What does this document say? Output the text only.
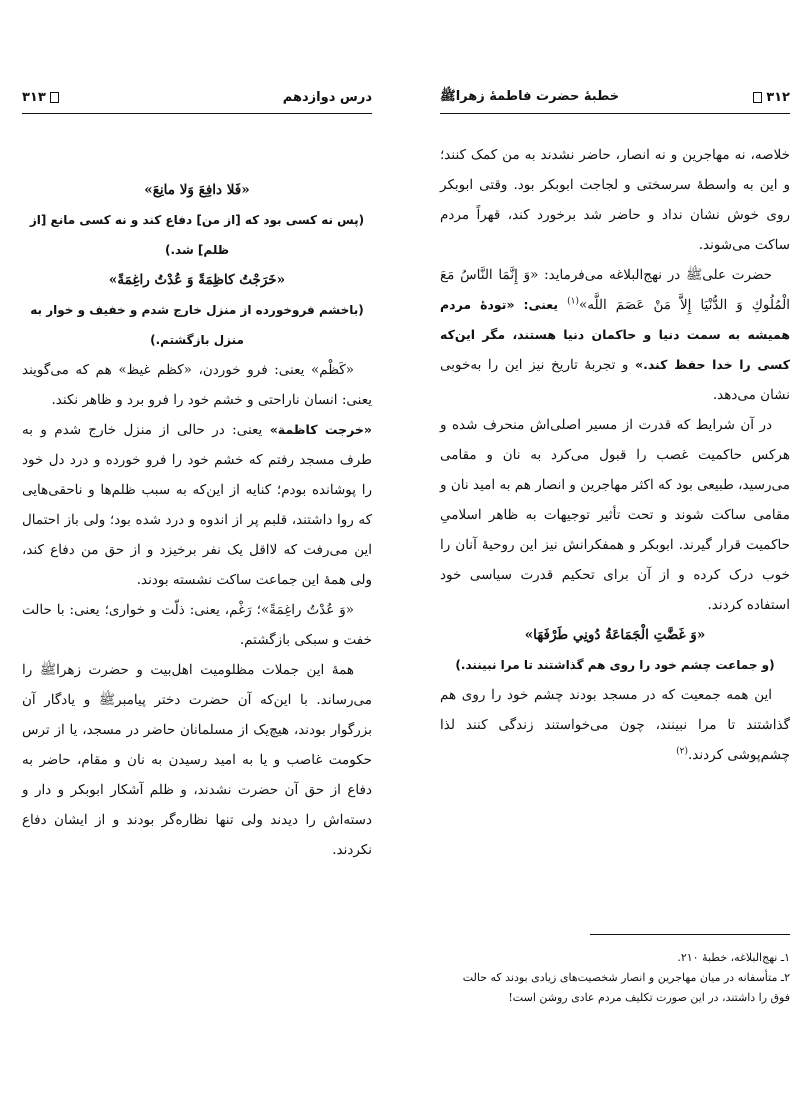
۳۱۲
خطبهٔ حضرت فاطمهٔ زهراﷺ

خلاصه، نه مهاجرین و نه انصار، حاضر نشدند به من کمک کنند؛ و این به واسطهٔ سرسختی و لجاجت ابوبکر بود. وقتی ابوبکر روی خوش نشان نداد و حاضر شد برخورد کند، قهراً مردم ساکت می‌شوند.

حضرت علیﷺ در نهج‌البلاغه می‌فرماید: «وَ إِنَّمَا النَّاسُ مَعَ الْمُلُوكِ وَ الدُّنْيَا إِلاَّ مَنْ عَصَمَ اللَّه»$^{(۱)}$ یعنی: «تودهٔ مردم همیشه به سمت دنیا و حاکمان دنیا هستند، مگر این‌که کسی را خدا حفظ کند.» و تجربهٔ تاریخ نیز این را به‌خوبی نشان می‌دهد.

در آن شرایط که قدرت از مسیر اصلی‌اش منحرف شده و هرکس حاکمیت غصب را قبول می‌کرد به نان و مقامی می‌رسید، طبیعی بود که اکثر مهاجرین و انصار هم به امید نان و مقامی ساکت شوند و تحت تأثیر توجیهات به ظاهر اسلامیِ حاکمیت قرار گیرند. ابوبکر و همفکرانش نیز این روحیهٔ آنان را خوب درک کرده و از آن برای تحکیم قدرت سیاسی خود استفاده کردند.

«وَ غَضَّتِ الْجَمَاعَةُ دُونِي طَرْفَهَا»

(و جماعت چشم خود را روی هم گذاشتند تا مرا نبینند.)

این همه جمعیت که در مسجد بودند چشم خود را روی هم گذاشتند تا مرا نبینند، چون می‌خواستند زندگی کنند لذا چشم‌پوشی کردند.$^{(۲)}$

۱ـ نهج‌البلاغه، خطبهٔ ۲۱۰.

۲ـ متأسفانه در میان مهاجرین و انصار شخصیت‌های زیادی بودند که حالت فوق را داشتند، در این صورت تکلیف مردم عادی روشن است!

درس دوازدهم
۳۱۳

«فَلا دافِعَ وَلا مانِعَ»

(پس نه کسی بود که [از من] دفاع کند و نه کسی مانع [از ظلم] شد.)

«خَرَجْتُ كاظِمَةً وَ عُدْتُ راغِمَةً»

(باخشم فروخورده از منزل خارج شدم و خفیف و خوار به منزل بازگشتم.)

«کَظْم» یعنی: فرو خوردن، «کظم غیظ» هم که می‌گویند یعنی: انسان ناراحتی و خشم خود را فرو برد و ظاهر نکند.

«خرجت کاظمة» یعنی: در حالی از منزل خارج شدم و به طرف مسجد رفتم که خشم خود را فرو خورده و درد دل خود را پوشانده بودم؛ کنایه از این‌که به سبب ظلم‌ها و ناحقی‌هایی که روا داشتند، قلبم پر از اندوه و درد شده بود؛ ولی باز احتمال این می‌رفت که لااقل یک نفر برخیزد و از حق من دفاع کند، ولی همهٔ این جماعت ساکت نشسته بودند.

«وَ عُدْتُ راغِمَةً»؛ رَغْم، یعنی: ذلّت و خواری؛ یعنی: با حالت خفت و سبکی بازگشتم.

همهٔ این جملات مظلومیت اهل‌بیت و حضرت زهراﷺ را می‌رساند. با این‌که آن حضرت دختر پیامبرﷺ و یادگار آن بزرگوار بودند، هیچ‌یک از مسلمانان حاضر در مسجد، یا از ترس حکومت غاصب و یا به امید رسیدن به نان و مقام، حاضر به دفاع از حق آن حضرت نشدند، و ظلم آشکار ابوبکر و دار و دسته‌اش را دیدند ولی تنها نظاره‌گر بودند و از ایشان دفاع نکردند.
